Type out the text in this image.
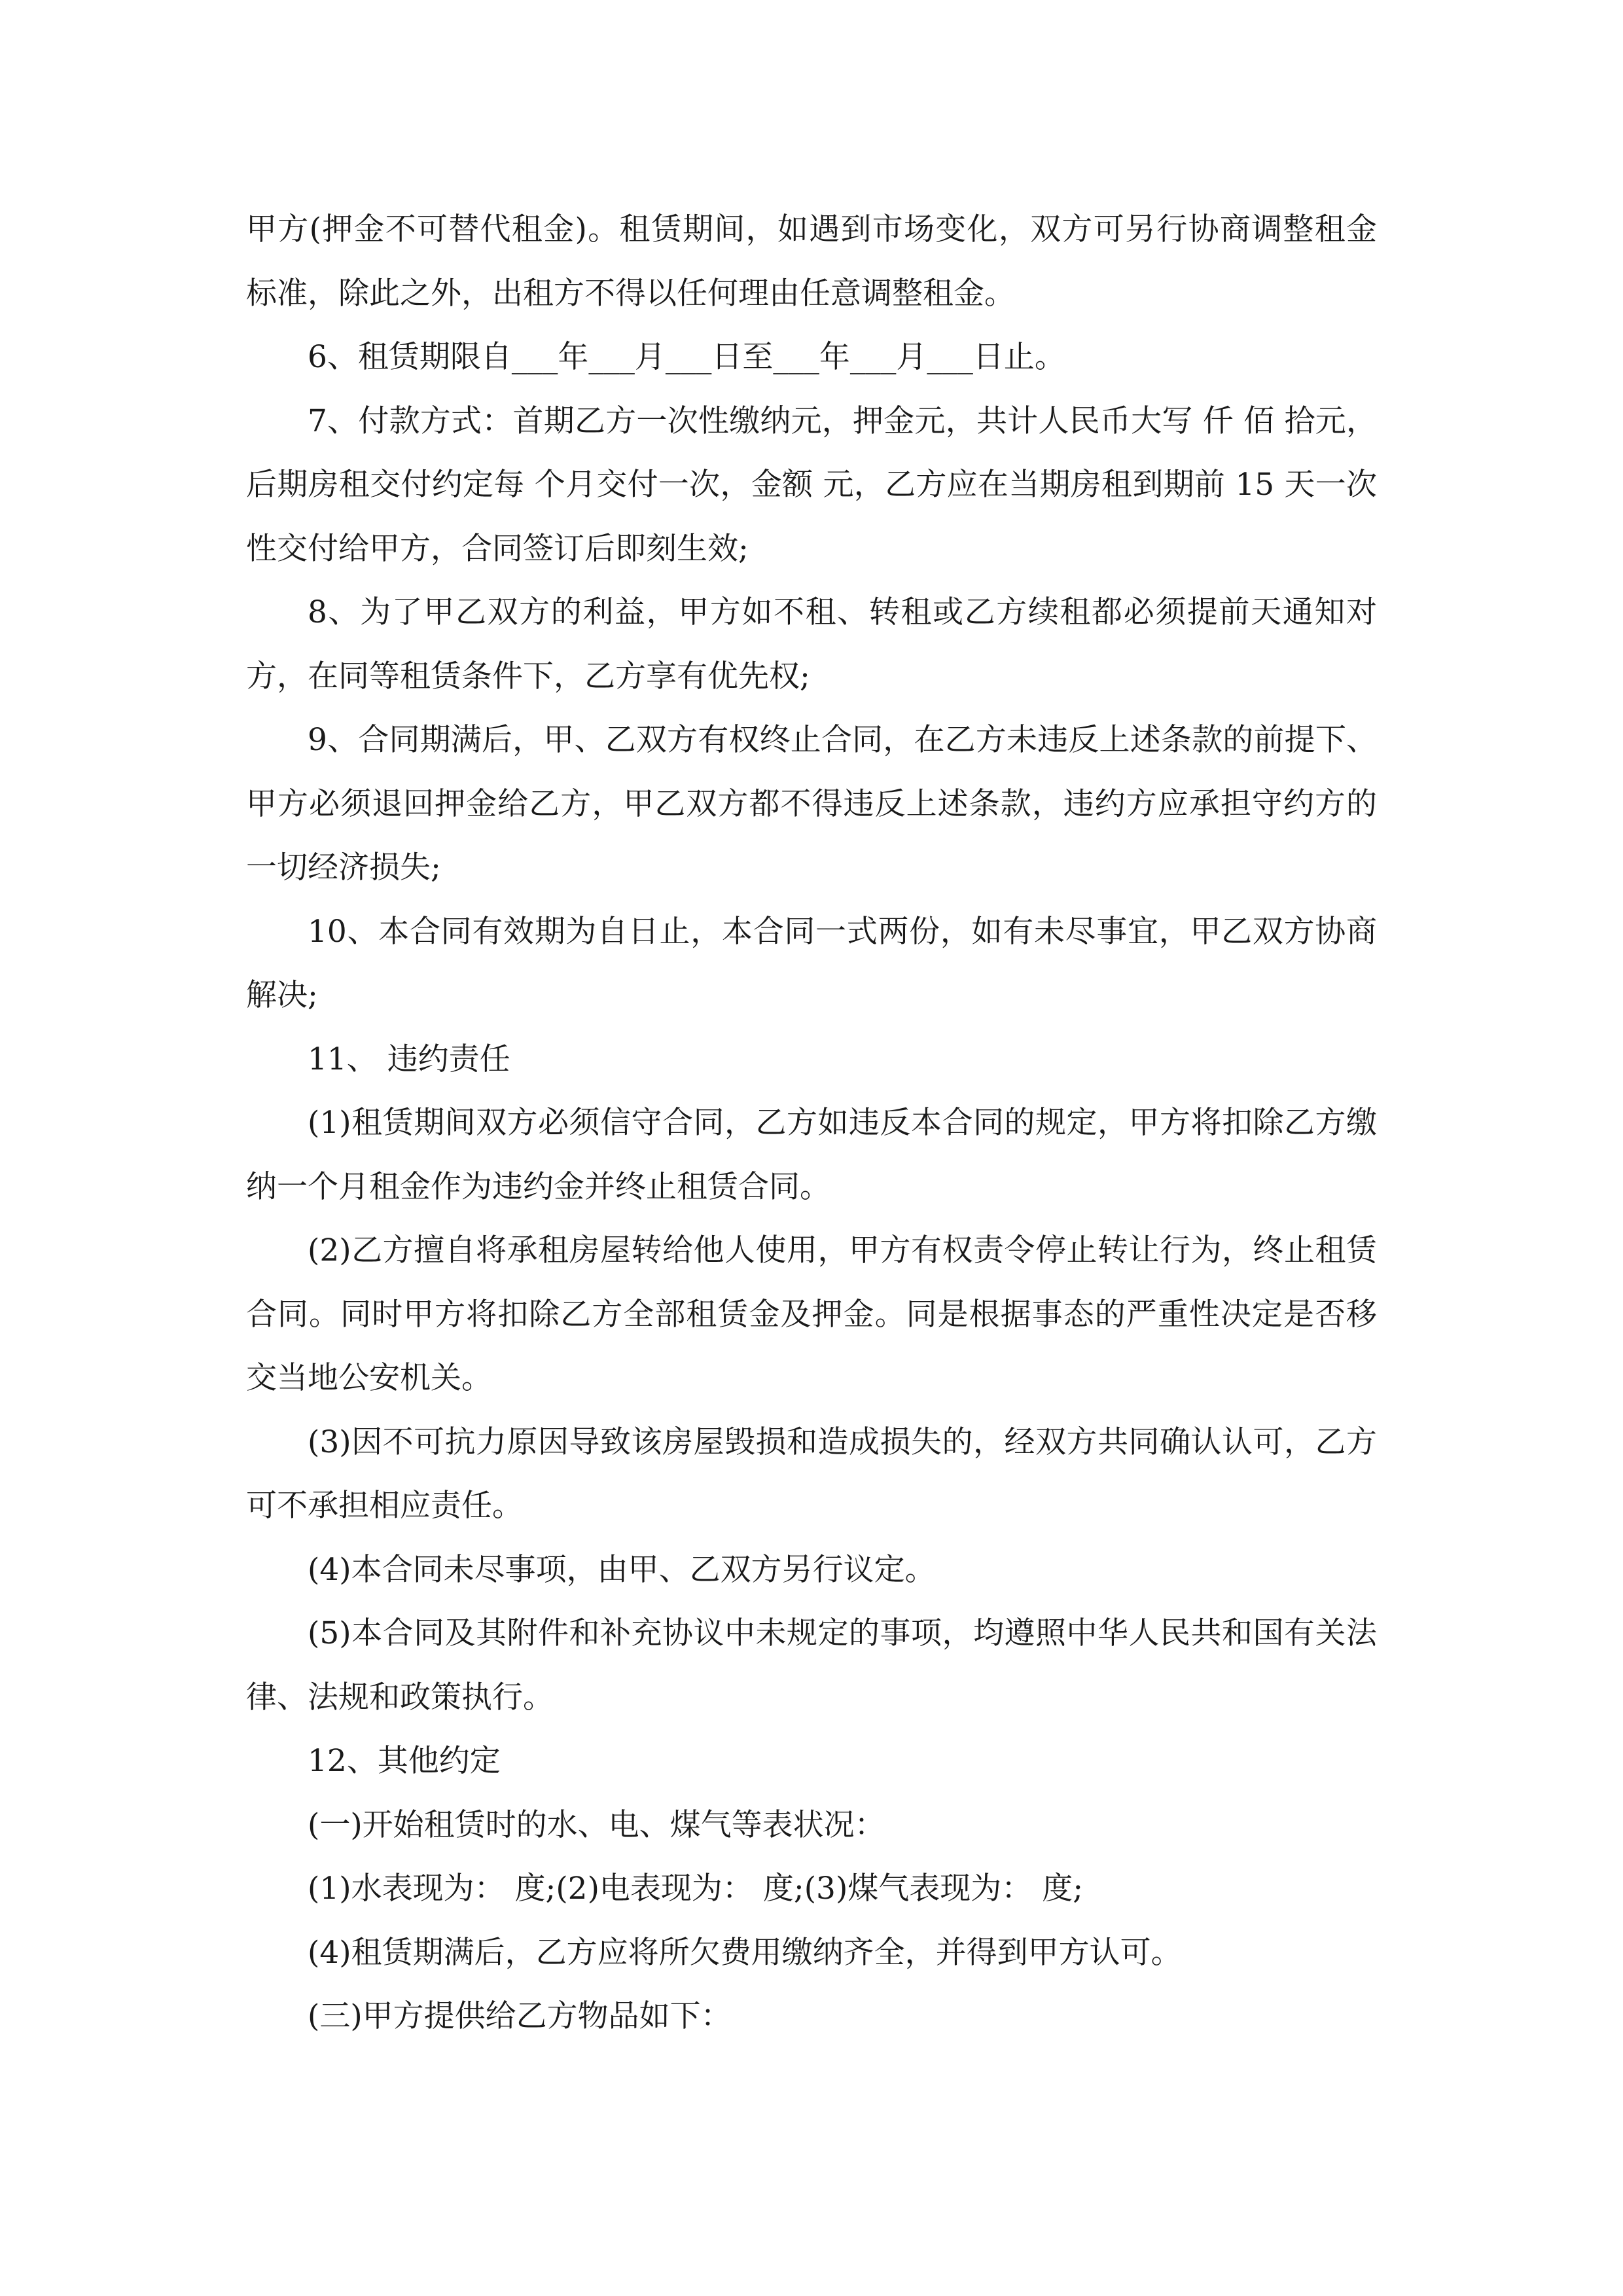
甲方(押金不可替代租金)。租赁期间，如遇到市场变化，双方可另行协商调整租金标准，除此之外，出租方不得以任何理由任意调整租金。

6、租赁期限自___年___月___日至___年___月___日止。

7、付款方式：首期乙方一次性缴纳元，押金元，共计人民币大写 仟 佰 拾元，后期房租交付约定每 个月交付一次，金额 元，乙方应在当期房租到期前 15 天一次性交付给甲方，合同签订后即刻生效;

8、为了甲乙双方的利益，甲方如不租、转租或乙方续租都必须提前天通知对方，在同等租赁条件下，乙方享有优先权;

9、合同期满后，甲、乙双方有权终止合同，在乙方未违反上述条款的前提下、甲方必须退回押金给乙方，甲乙双方都不得违反上述条款，违约方应承担守约方的一切经济损失;

10、本合同有效期为自日止，本合同一式两份，如有未尽事宜，甲乙双方协商解决;

11、 违约责任

(1)租赁期间双方必须信守合同，乙方如违反本合同的规定，甲方将扣除乙方缴纳一个月租金作为违约金并终止租赁合同。

(2)乙方擅自将承租房屋转给他人使用，甲方有权责令停止转让行为，终止租赁合同。同时甲方将扣除乙方全部租赁金及押金。同是根据事态的严重性决定是否移交当地公安机关。

(3)因不可抗力原因导致该房屋毁损和造成损失的，经双方共同确认认可，乙方可不承担相应责任。

(4)本合同未尽事项，由甲、乙双方另行议定。

(5)本合同及其附件和补充协议中未规定的事项，均遵照中华人民共和国有关法律、法规和政策执行。

12、其他约定

(一)开始租赁时的水、电、煤气等表状况：

(1)水表现为： 度;(2)电表现为： 度;(3)煤气表现为： 度;

(4)租赁期满后，乙方应将所欠费用缴纳齐全，并得到甲方认可。

(三)甲方提供给乙方物品如下：
